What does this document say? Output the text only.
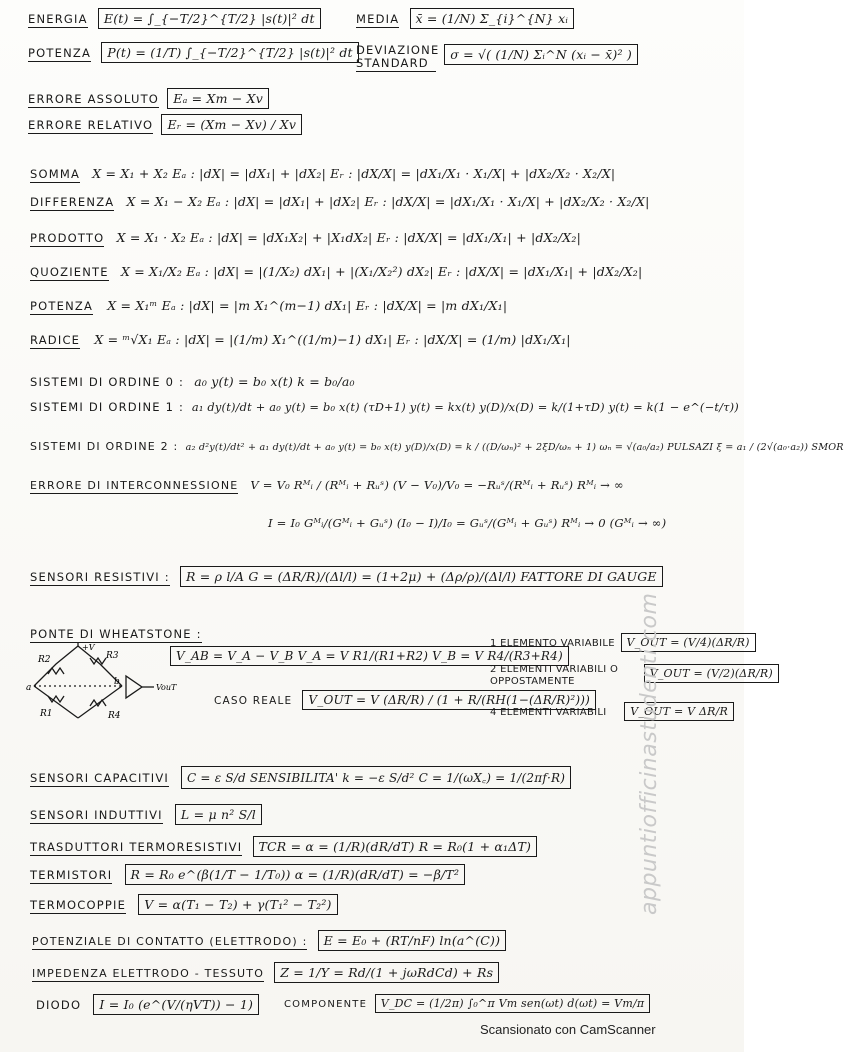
ENERGIA E(t) = ∫_{−T/2}^{T/2} |s(t)|² dt	MEDIA x̄ = (1/N) Σ_{i}^{N} xᵢ
POTENZA P(t) = (1/T) ∫_{−T/2}^{T/2} |s(t)|² dt DEVIAZIONE STANDARD σ = √( (1/N) Σᵢ^N (xᵢ − x̄)² )
ERRORE ASSOLUTO Eₐ = Xm − Xv
ERRORE RELATIVO Eᵣ = (Xm − Xv) / Xv
SOMMA X = X₁ + X₂ Eₐ : |dX| = |dX₁| + |dX₂| Eᵣ : |dX/X| = |dX₁/X₁ · X₁/X| + |dX₂/X₂ · X₂/X|
DIFFERENZA X = X₁ − X₂ Eₐ : |dX| = |dX₁| + |dX₂| Eᵣ : |dX/X| = |dX₁/X₁ · X₁/X| + |dX₂/X₂ · X₂/X|
PRODOTTO X = X₁ · X₂ Eₐ : |dX| = |dX₁X₂| + |X₁dX₂| Eᵣ : |dX/X| = |dX₁/X₁| + |dX₂/X₂|
QUOZIENTE X = X₁/X₂ Eₐ : |dX| = |(1/X₂) dX₁| + |(X₁/X₂²) dX₂| Eᵣ : |dX/X| = |dX₁/X₁| + |dX₂/X₂|
POTENZA X = X₁ᵐ Eₐ : |dX| = |m X₁^(m−1) dX₁| Eᵣ : |dX/X| = |m dX₁/X₁|
RADICE X = ᵐ√X₁ Eₐ : |dX| = |(1/m) X₁^((1/m)−1) dX₁| Eᵣ : |dX/X| = (1/m) |dX₁/X₁|
SISTEMI DI ORDINE 0 : a₀ y(t) = b₀ x(t) k = b₀/a₀
SISTEMI DI ORDINE 1 : a₁ dy(t)/dt + a₀ y(t) = b₀ x(t) (τD+1) y(t) = kx(t) y(D)/x(D) = k/(1+τD) y(t) = k(1 − e^(−t/τ))
SISTEMI DI ORDINE 2 : a₂ d²y(t)/dt² + a₁ dy(t)/dt + a₀ y(t) = b₀ x(t) y(D)/x(D) = k / ((D/ωₙ)² + 2ξD/ωₙ + 1) ωₙ = √(a₀/a₂) PULSAZI ξ = a₁ / (2√(a₀·a₂)) SMOR
ERRORE DI INTERCONNESSIONE V = V₀ Rᴹᵢ / (Rᴹᵢ + Rᵤˢ) (V − V₀)/V₀ = −Rᵤˢ/(Rᴹᵢ + Rᵤˢ) Rᴹᵢ → ∞
I = I₀ Gᴹᵢ/(Gᴹᵢ + Gᵤˢ) (I₀ − I)/I₀ = Gᵤˢ/(Gᴹᵢ + Gᵤˢ) Rᴹᵢ → 0 (Gᴹᵢ → ∞)
SENSORI RESISTIVI : R = ρ l/A G = (ΔR/R)/(Δl/l) = (1+2μ) + (Δρ/ρ)/(Δl/l) FATTORE DI GAUGE
PONTE DI WHEATSTONE :
V_AB = V_A − V_B V_A = V R1/(R1+R2) V_B = V R4/(R3+R4)
R2	R3
R1	R4
+V
a
b
VouT
CASO REALE V_OUT = V (ΔR/R) / (1 + R/(RH(1−(ΔR/R)²)))
1 ELEMENTO VARIABILE V_OUT = (V/4)(ΔR/R)
2 ELEMENTI VARIABILI O OPPOSTAMENTE V_OUT = (V/2)(ΔR/R)
4 ELEMENTI VARIABILI V_OUT = V ΔR/R
SENSORI CAPACITIVI C = ε S/d SENSIBILITA' k = −ε S/d² C = 1/(ωX꜀) = 1/(2πf·R)
SENSORI INDUTTIVI L = μ n² S/l
TRASDUTTORI TERMORESISTIVI TCR = α = (1/R)(dR/dT) R = R₀(1 + α₁ΔT)
TERMISTORI R = R₀ e^(β(1/T − 1/T₀)) α = (1/R)(dR/dT) = −β/T²
TERMOCOPPIE V = α(T₁ − T₂) + γ(T₁² − T₂²)
POTENZIALE DI CONTATTO (ELETTRODO) : E = E₀ + (RT/nF) ln(a^(C))
IMPEDENZA ELETTRODO - TESSUTO Z = 1/Y = Rd/(1 + jωRdCd) + Rs
DIODO I = I₀ (e^(V/(ηVT)) − 1)	COMPONENTE V_DC = (1/2π) ∫₀^π Vm sen(ωt) d(ωt) = Vm/π
appuntiofficinastudenti.com
Scansionato con CamScanner
